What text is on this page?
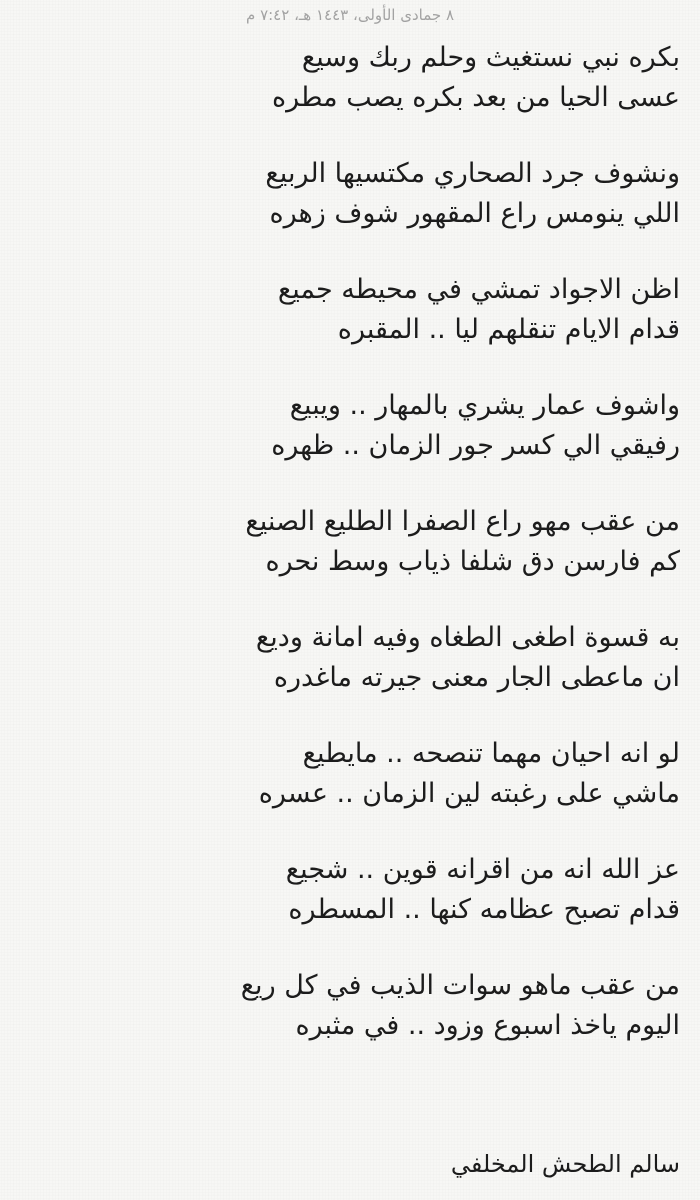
٨ جمادى الأولى، ١٤٤٣ هـ، ٧:٤٢ م
بكره نبي نستغيث وحلم ربك وسيع
عسى الحيا من بعد بكره يصب مطره
ونشوف جرد الصحاري مكتسيها الربيع
اللي ينومس راع المقهور شوف زهره
اظن الاجواد تمشي في محيطه جميع
قدام الايام تنقلهم ليا .. المقبره
واشوف عمار يشري بالمهار .. ويبيع
رفيقي الي كسر جور الزمان .. ظهره
من عقب مهو راع الصفرا الطليع الصنيع
كم فارسن دق شلفا ذياب وسط نحره
به قسوة اطغى الطغاه وفيه امانة وديع
ان ماعطى الجار معنى جيرته ماغدره
لو انه احيان مهما تنصحه .. مايطيع
ماشي على رغبته لين الزمان .. عسره
عز الله انه من اقرانه قوين .. شجيع
قدام تصبح عظامه كنها .. المسطره
من عقب ماهو سوات الذيب في كل ريع
اليوم ياخذ اسبوع وزود .. في مثبره
سالم الطحش المخلفي
